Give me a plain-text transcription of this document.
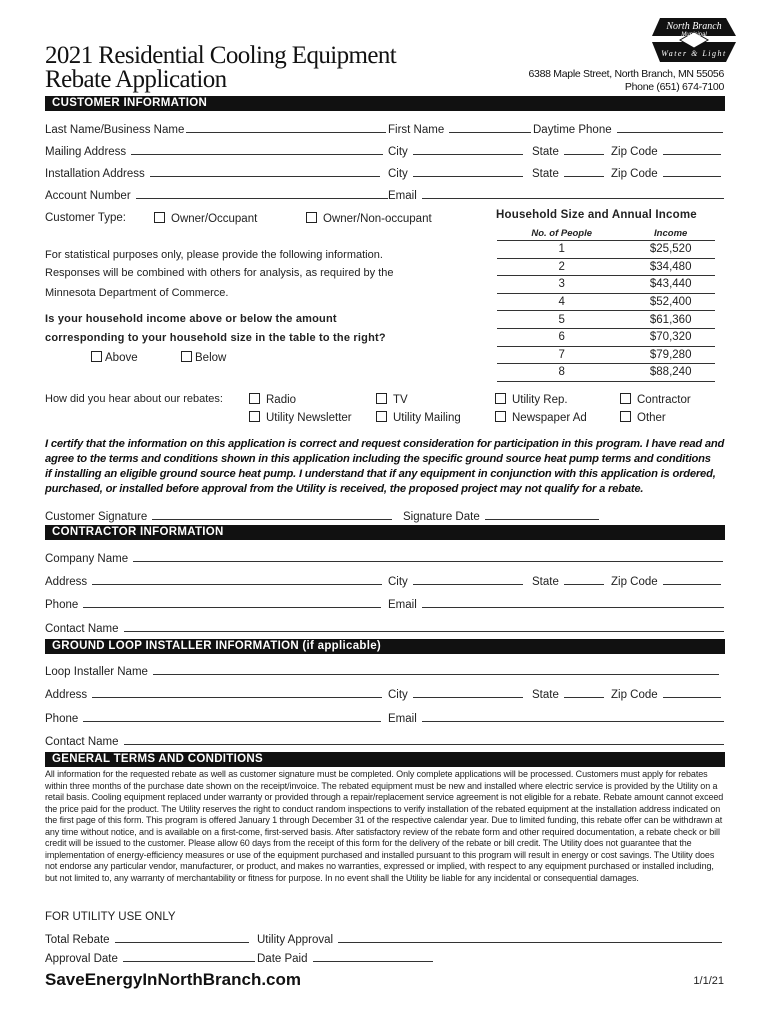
2021 Residential Cooling Equipment
Rebate Application
North Branch
Municipal
Water & Light
6388 Maple Street, North Branch, MN 55056
Phone (651) 674-7100
CUSTOMER INFORMATION
Last Name/Business Name	First Name	Daytime Phone
Mailing Address	City	State	Zip Code
Installation Address	City	State	Zip Code
Account Number	Email
Customer Type:	Owner/Occupant	Owner/Non-occupant
For statistical purposes only, please provide the following information.
Responses will be combined with others for analysis, as required by the
Minnesota Department of Commerce.
Is your household income above or below the amount
corresponding to your household size in the table to the right?
Above	Below
Household Size and Annual Income
No. of People	Income
1	$25,520
2	$34,480
3	$43,440
4	$52,400
5	$61,360
6	$70,320
7	$79,280
8	$88,240
How did you hear about our rebates:	Radio	TV	Utility Rep.	Contractor
Utility Newsletter	Utility Mailing	Newspaper Ad	Other
I certify that the information on this application is correct and request consideration for participation in this program. I have read and
agree to the terms and conditions shown in this application including the specific ground source heat pump terms and conditions
if installing an eligible ground source heat pump. I understand that if any equipment in conjunction with this application is ordered,
purchased, or installed before approval from the Utility is received, the proposed project may not qualify for a rebate.
Customer Signature	Signature Date
CONTRACTOR INFORMATION
Company Name
Address	City	State	Zip Code
Phone	Email
Contact Name
GROUND LOOP INSTALLER INFORMATION (if applicable)
Loop Installer Name
Address	City	State	Zip Code
Phone	Email
Contact Name
GENERAL TERMS AND CONDITIONS
All information for the requested rebate as well as customer signature must be completed. Only complete applications will be processed. Customers must apply for rebates within three months of the purchase date shown on the receipt/invoice. The rebated equipment must be new and installed where electric service is provided by the Utility on a retail basis. Cooling equipment replaced under warranty or provided through a repair/replacement service agreement is not eligible for a rebate. Rebate amount cannot exceed the price paid for the product. The Utility reserves the right to conduct random inspections to verify installation of the rebated equipment at the installation address indicated on the first page of this form. This program is offered January 1 through December 31 of the respective calendar year. Due to limited funding, this rebate offer can be withdrawn at any time without notice, and is available on a first-come, first-served basis. After satisfactory review of the rebate form and other required documentation, a rebate check or bill credit will be issued to the customer. Please allow 60 days from the receipt of this form for the delivery of the rebate or bill credit. The Utility does not guarantee that the implementation of energy-efficiency measures or use of the equipment purchased and installed pursuant to this program will result in energy or cost savings. The Utility does not endorse any particular vendor, manufacturer, or product, and makes no warranties, expressed or implied, with respect to any equipment purchased or installed including, but not limited to, any warranty of merchantability or fitness for purpose. In no event shall the Utility be liable for any incidental or consequential damages.
FOR UTILITY USE ONLY
Total Rebate	Utility Approval
Approval Date	Date Paid
SaveEnergyInNorthBranch.com	1/1/21
